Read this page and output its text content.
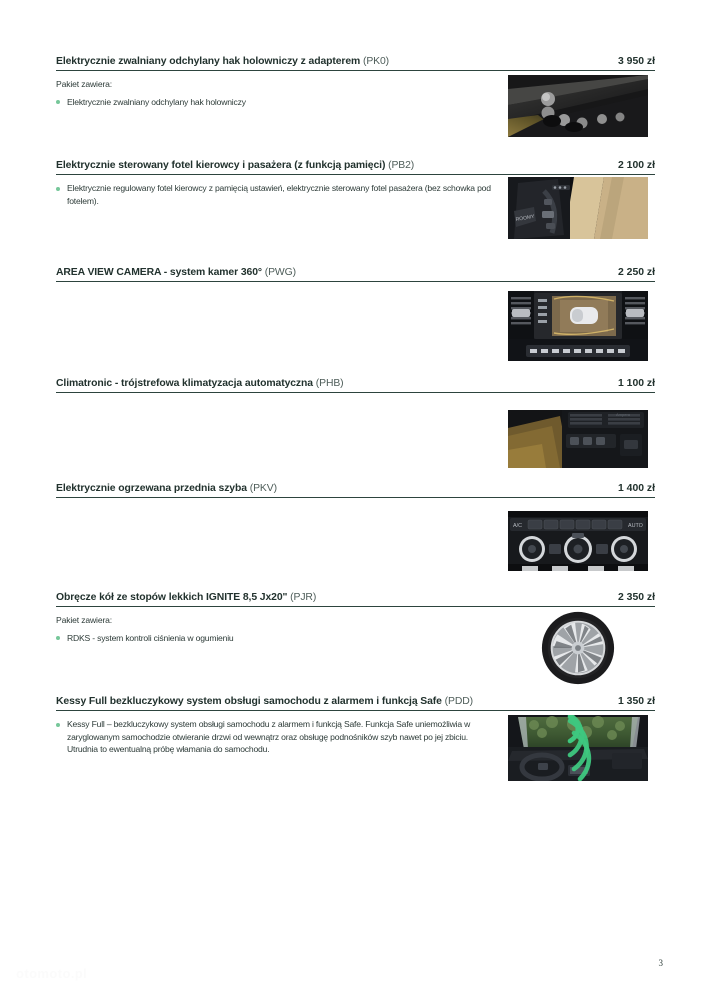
Elektrycznie zwalniany odchylany hak holowniczy z adapterem (PK0)	3 950 zł

Pakiet zawiera:

Elektrycznie zwalniany odchylany hak holowniczy
Elektrycznie sterowany fotel kierowcy i pasażera (z funkcją pamięci) (PB2)	2 100 zł
Elektrycznie regulowany fotel kierowcy z pamięcią ustawień, elektrycznie sterowany fotel pasażera (bez schowka pod fotelem).
ROOMY
AREA VIEW CAMERA - system kamer 360° (PWG)	2 250 zł
Climatronic - trójstrefowa klimatyzacja automatyczna (PHB)	1 100 zł
Ampera
Elektrycznie ogrzewana przednia szyba (PKV)	1 400 zł
A/C	AUTO
Obręcze kół ze stopów lekkich IGNITE 8,5 Jx20" (PJR)	2 350 zł

Pakiet zawiera:

RDKS - system kontroli ciśnienia w ogumieniu
Kessy Full bezkluczykowy system obsługi samochodu z alarmem i funkcją Safe (PDD)	1 350 zł
Kessy Full – bezkluczykowy system obsługi samochodu z alarmem i funkcją Safe. Funkcja Safe uniemożliwia w zaryglowanym samochodzie otwieranie drzwi od wewnątrz oraz obsługę podnośników szyb nawet po jej zbiciu. Utrudnia to ewentualną próbę włamania do samochodu.
otomoto.pl
3
